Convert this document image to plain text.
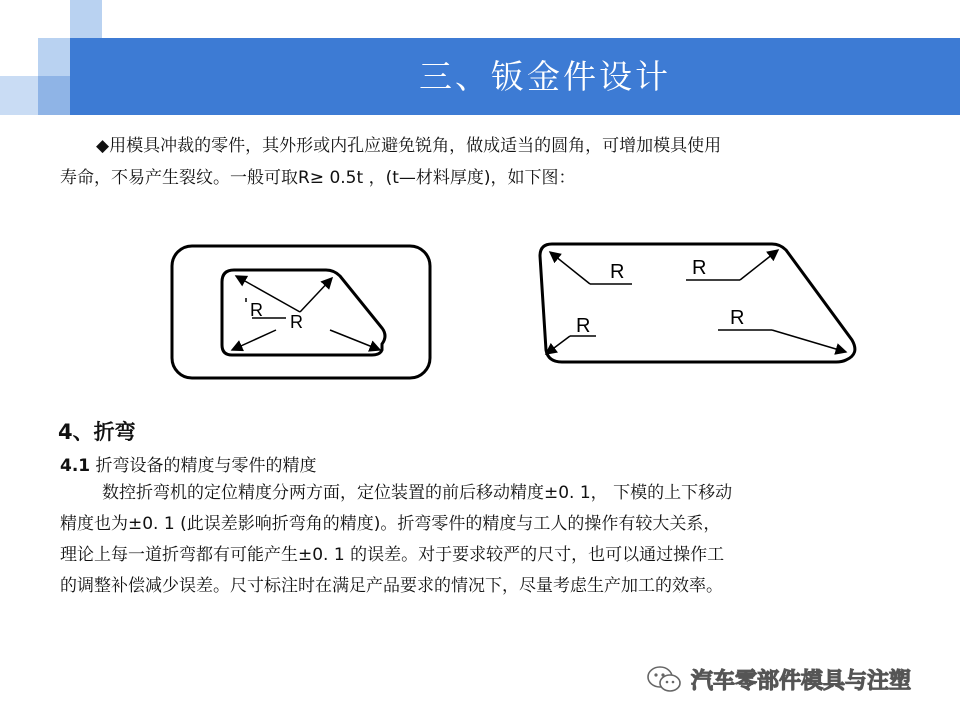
三、钣金件设计
◆用模具冲裁的零件，其外形或内孔应避免锐角，做成适当的圆角，可增加模具使用
寿命，不易产生裂纹。一般可取R≥ 0.5t ，(t—材料厚度)，如下图：
R
R
R	R
R	R
4、折弯
4.1 折弯设备的精度与零件的精度
数控折弯机的定位精度分两方面，定位装置的前后移动精度±0. 1， 下模的上下移动
精度也为±0. 1 (此误差影响折弯角的精度)。折弯零件的精度与工人的操作有较大关系，
理论上每一道折弯都有可能产生±0. 1 的误差。对于要求较严的尺寸，也可以通过操作工
的调整补偿减少误差。尺寸标注时在满足产品要求的情况下，尽量考虑生产加工的效率。
汽车零部件模具与注塑
